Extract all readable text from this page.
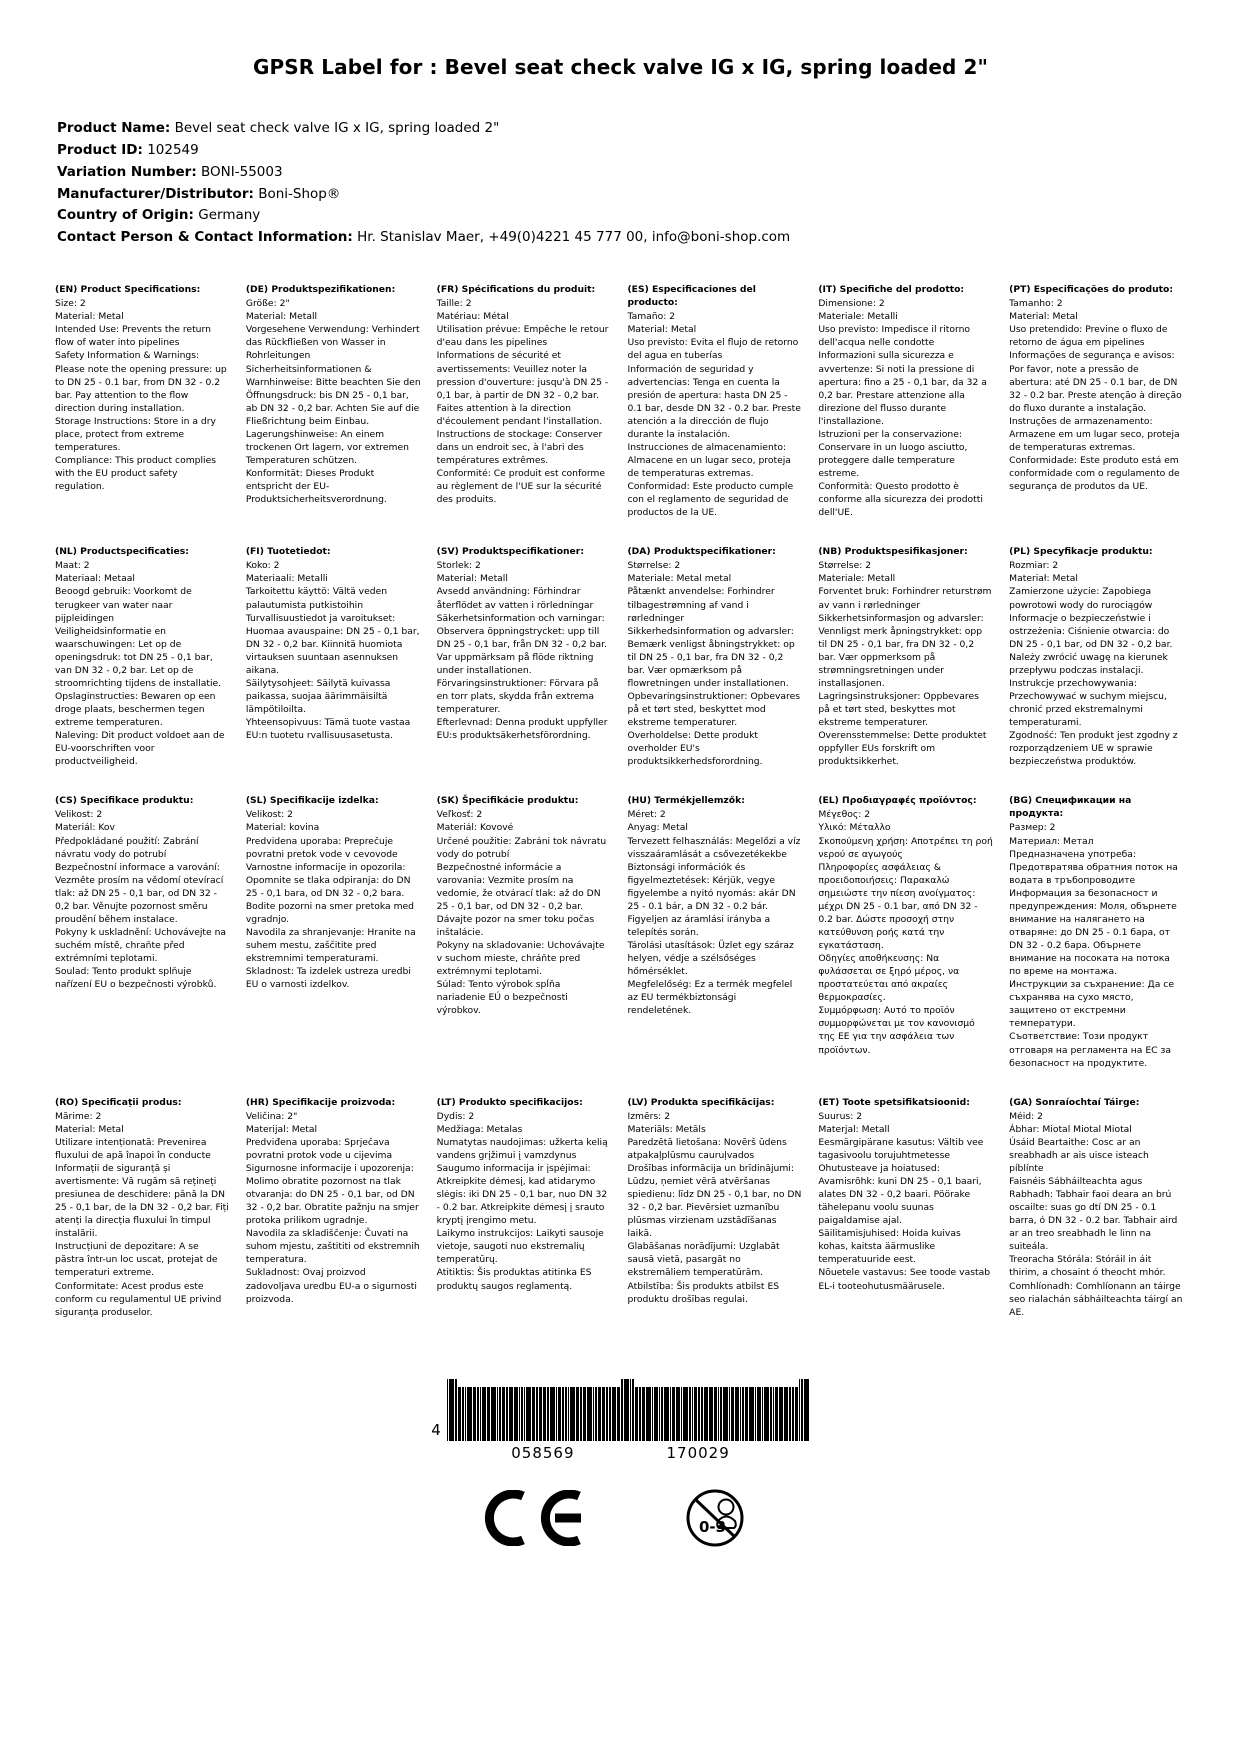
GPSR Label for : Bevel seat check valve IG x IG, spring loaded 2"
Product Name: Bevel seat check valve IG x IG, spring loaded 2"
Product ID: 102549
Variation Number: BONI-55003
Manufacturer/Distributor: Boni-Shop®
Country of Origin: Germany
Contact Person & Contact Information: Hr. Stanislav Maer, +49(0)4221 45 777 00, info@boni-shop.com
(EN) Product Specifications:
Size: 2
Material: Metal
Intended Use: Prevents the return flow of water into pipelines
Safety Information & Warnings: Please note the opening pressure: up to DN 25 - 0.1 bar, from DN 32 - 0.2 bar. Pay attention to the flow direction during installation.
Storage Instructions: Store in a dry place, protect from extreme temperatures.
Compliance: This product complies with the EU product safety regulation.
(DE) Produktspezifikationen:
Größe: 2"
Material: Metall
Vorgesehene Verwendung: Verhindert das Rückfließen von Wasser in Rohrleitungen
Sicherheitsinformationen & Warnhinweise: Bitte beachten Sie den Öffnungsdruck: bis DN 25 - 0,1 bar, ab DN 32 - 0,2 bar. Achten Sie auf die Fließrichtung beim Einbau.
Lagerungshinweise: An einem trockenen Ort lagern, vor extremen Temperaturen schützen.
Konformität: Dieses Produkt entspricht der EU-Produktsicherheitsverordnung.
(FR) Spécifications du produit:
Taille: 2
Matériau: Métal
Utilisation prévue: Empêche le retour d'eau dans les pipelines
Informations de sécurité et avertissements: Veuillez noter la pression d'ouverture: jusqu'à DN 25 - 0,1 bar, à partir de DN 32 - 0,2 bar. Faites attention à la direction d'écoulement pendant l'installation.
Instructions de stockage: Conserver dans un endroit sec, à l'abri des températures extrêmes.
Conformité: Ce produit est conforme au règlement de l'UE sur la sécurité des produits.
(ES) Especificaciones del producto:
Tamaño: 2
Material: Metal
Uso previsto: Evita el flujo de retorno del agua en tuberías
Información de seguridad y advertencias: Tenga en cuenta la presión de apertura: hasta DN 25 - 0.1 bar, desde DN 32 - 0.2 bar. Preste atención a la dirección de flujo durante la instalación.
Instrucciones de almacenamiento: Almacene en un lugar seco, proteja de temperaturas extremas.
Conformidad: Este producto cumple con el reglamento de seguridad de productos de la UE.
(IT) Specifiche del prodotto:
Dimensione: 2
Materiale: Metalli
Uso previsto: Impedisce il ritorno dell'acqua nelle condotte
Informazioni sulla sicurezza e avvertenze: Si noti la pressione di apertura: fino a 25 - 0,1 bar, da 32 a 0,2 bar. Prestare attenzione alla direzione del flusso durante l'installazione.
Istruzioni per la conservazione: Conservare in un luogo asciutto, proteggere dalle temperature estreme.
Conformità: Questo prodotto è conforme alla sicurezza dei prodotti dell'UE.
(PT) Especificações do produto:
Tamanho: 2
Material: Metal
Uso pretendido: Previne o fluxo de retorno de água em pipelines
Informações de segurança e avisos: Por favor, note a pressão de abertura: até DN 25 - 0.1 bar, de DN 32 - 0.2 bar. Preste atenção à direção do fluxo durante a instalação.
Instruções de armazenamento: Armazene em um lugar seco, proteja de temperaturas extremas.
Conformidade: Este produto está em conformidade com o regulamento de segurança de produtos da UE.
(NL) Productspecificaties:
Maat: 2
Materiaal: Metaal
Beoogd gebruik: Voorkomt de terugkeer van water naar pijpleidingen
Veiligheidsinformatie en waarschuwingen: Let op de openingsdruk: tot DN 25 - 0,1 bar, van DN 32 - 0,2 bar. Let op de stroomrichting tijdens de installatie.
Opslaginstructies: Bewaren op een droge plaats, beschermen tegen extreme temperaturen.
Naleving: Dit product voldoet aan de EU-voorschriften voor productveiligheid.
(FI) Tuotetiedot:
Koko: 2
Materiaali: Metalli
Tarkoitettu käyttö: Vältä veden palautumista putkistoihin
Turvallisuustiedot ja varoitukset: Huomaa avauspaine: DN 25 - 0,1 bar, DN 32 - 0,2 bar. Kiinnitä huomiota virtauksen suuntaan asennuksen aikana.
Säilytysohjeet: Säilytä kuivassa paikassa, suojaa äärimmäisiltä lämpötiloilta.
Yhteensopivuus: Tämä tuote vastaa EU:n tuotetu rvallisuusasetusta.
(SV) Produktspecifikationer:
Storlek: 2
Material: Metall
Avsedd användning: Förhindrar återflödet av vatten i rörledningar
Säkerhetsinformation och varningar: Observera öppningstrycket: upp till DN 25 - 0,1 bar, från DN 32 - 0,2 bar. Var uppmärksam på flöde riktning under installationen.
Förvaringsinstruktioner: Förvara på en torr plats, skydda från extrema temperaturer.
Efterlevnad: Denna produkt uppfyller EU:s produktsäkerhetsförordning.
(DA) Produktspecifikationer:
Størrelse: 2
Materiale: Metal metal
Påtænkt anvendelse: Forhindrer tilbagestrømning af vand i rørledninger
Sikkerhedsinformation og advarsler: Bemærk venligst åbningstrykket: op til DN 25 - 0,1 bar, fra DN 32 - 0,2 bar. Vær opmærksom på flowretningen under installationen.
Opbevaringsinstruktioner: Opbevares på et tørt sted, beskyttet mod ekstreme temperaturer.
Overholdelse: Dette produkt overholder EU's produktsikkerhedsforordning.
(NB) Produktspesifikasjoner:
Størrelse: 2
Materiale: Metall
Forventet bruk: Forhindrer returstrøm av vann i rørledninger
Sikkerhetsinformasjon og advarsler: Vennligst merk åpningstrykket: opp til DN 25 - 0,1 bar, fra DN 32 - 0,2 bar. Vær oppmerksom på strømningsretningen under installasjonen.
Lagringsinstruksjoner: Oppbevares på et tørt sted, beskyttes mot ekstreme temperaturer.
Overensstemmelse: Dette produktet oppfyller EUs forskrift om produktsikkerhet.
(PL) Specyfikacje produktu:
Rozmiar: 2
Materiał: Metal
Zamierzone użycie: Zapobiega powrotowi wody do rurociągów
Informacje o bezpieczeństwie i ostrzeżenia: Ciśnienie otwarcia: do DN 25 - 0,1 bar, od DN 32 - 0,2 bar. Należy zwrócić uwagę na kierunek przepływu podczas instalacji.
Instrukcje przechowywania: Przechowywać w suchym miejscu, chronić przed ekstremalnymi temperaturami.
Zgodność: Ten produkt jest zgodny z rozporządzeniem UE w sprawie bezpieczeństwa produktów.
(CS) Specifikace produktu:
Velikost: 2
Materiál: Kov
Předpokládané použití: Zabrání návratu vody do potrubí
Bezpečnostní informace a varování: Vezměte prosím na vědomí otevírací tlak: až DN 25 - 0,1 bar, od DN 32 - 0,2 bar. Věnujte pozornost směru proudění během instalace.
Pokyny k uskladnění: Uchovávejte na suchém místě, chraňte před extrémními teplotami.
Soulad: Tento produkt splňuje nařízení EU o bezpečnosti výrobků.
(SL) Specifikacije izdelka:
Velikost: 2
Material: kovina
Predvidena uporaba: Preprečuje povratni pretok vode v cevovode
Varnostne informacije in opozorila: Opomnite se tlaka odpiranja: do DN 25 - 0,1 bara, od DN 32 - 0,2 bara. Bodite pozorni na smer pretoka med vgradnjo.
Navodila za shranjevanje: Hranite na suhem mestu, zaščitite pred ekstremnimi temperaturami.
Skladnost: Ta izdelek ustreza uredbi EU o varnosti izdelkov.
(SK) Špecifikácie produktu:
Veľkosť: 2
Materiál: Kovové
Určené použitie: Zabráni tok návratu vody do potrubí
Bezpečnostné informácie a varovania: Vezmite prosím na vedomie, že otvárací tlak: až do DN 25 - 0,1 bar, od DN 32 - 0,2 bar. Dávajte pozor na smer toku počas inštalácie.
Pokyny na skladovanie: Uchovávajte v suchom mieste, chráňte pred extrémnymi teplotami.
Súlad: Tento výrobok spĺňa nariadenie EÚ o bezpečnosti výrobkov.
(HU) Termékjellemzők:
Méret: 2
Anyag: Metal
Tervezett felhasználás: Megelőzi a víz visszaáramlását a csővezetékekbe
Biztonsági információk és figyelmeztetések: Kérjük, vegye figyelembe a nyitó nyomás: akár DN 25 - 0.1 bár, a DN 32 - 0.2 bár. Figyeljen az áramlási irányba a telepítés során.
Tárolási utasítások: Üzlet egy száraz helyen, védje a szélsőséges hőmérséklet.
Megfelelőség: Ez a termék megfelel az EU termékbiztonsági rendeletének.
(EL) Προδιαγραφές προϊόντος:
Μέγεθος: 2
Υλικό: Μέταλλο
Σκοπούμενη χρήση: Αποτρέπει τη ροή νερού σε αγωγούς
Πληροφορίες ασφάλειας & προειδοποιήσεις: Παρακαλώ σημειώστε την πίεση ανοίγματος: μέχρι DN 25 - 0.1 bar, από DN 32 - 0.2 bar. Δώστε προσοχή στην κατεύθυνση ροής κατά την εγκατάσταση.
Οδηγίες αποθήκευσης: Να φυλάσσεται σε ξηρό μέρος, να προστατεύεται από ακραίες θερμοκρασίες.
Συμμόρφωση: Αυτό το προϊόν συμμορφώνεται με τον κανονισμό της ΕΕ για την ασφάλεια των προϊόντων.
(BG) Спецификации на продукта:
Размер: 2
Материал: Метал
Предназначена употреба: Предотвратява обратния поток на водата в тръбопроводите
Информация за безопасност и предупреждения: Моля, обърнете внимание на налягането на отваряне: до DN 25 - 0.1 бара, от DN 32 - 0.2 бара. Обърнете внимание на посоката на потока по време на монтажа.
Инструкции за съхранение: Да се съхранява на сухо място, защитено от екстремни температури.
Съответствие: Този продукт отговаря на регламента на ЕС за безопасност на продуктите.
(RO) Specificații produs:
Mărime: 2
Material: Metal
Utilizare intenționată: Prevenirea fluxului de apă înapoi în conducte
Informații de siguranță și avertismente: Vă rugăm să rețineți presiunea de deschidere: până la DN 25 - 0,1 bar, de la DN 32 - 0,2 bar. Fiți atenți la direcția fluxului în timpul instalării.
Instrucțiuni de depozitare: A se păstra într-un loc uscat, protejat de temperaturi extreme.
Conformitate: Acest produs este conform cu regulamentul UE privind siguranța produselor.
(HR) Specifikacije proizvoda:
Veličina: 2"
Materijal: Metal
Predviđena uporaba: Sprječava povratni protok vode u cijevima
Sigurnosne informacije i upozorenja: Molimo obratite pozornost na tlak otvaranja: do DN 25 - 0,1 bar, od DN 32 - 0,2 bar. Obratite pažnju na smjer protoka prilikom ugradnje.
Navodila za skladiščenje: Čuvati na suhom mjestu, zaštititi od ekstremnih temperatura.
Sukladnost: Ovaj proizvod zadovoljava uredbu EU-a o sigurnosti proizvoda.
(LT) Produkto specifikacijos:
Dydis: 2
Medžiaga: Metalas
Numatytas naudojimas: užkerta kelią vandens grįžimui į vamzdynus
Saugumo informacija ir įspėjimai: Atkreipkite dėmesį, kad atidarymo slėgis: iki DN 25 - 0,1 bar, nuo DN 32 - 0.2 bar. Atkreipkite dėmesį į srauto kryptį įrengimo metu.
Laikymo instrukcijos: Laikyti sausoje vietoje, saugoti nuo ekstremalių temperatūrų.
Atitiktis: Šis produktas atitinka ES produktų saugos reglamentą.
(LV) Produkta specifikācijas:
Izmērs: 2
Materiāls: Metāls
Paredzētā lietošana: Novērš ūdens atpakaļplūsmu cauruļvados
Drošības informācija un brīdinājumi: Lūdzu, ņemiet vērā atvēršanas spiedienu: līdz DN 25 - 0,1 bar, no DN 32 - 0,2 bar. Pievērsiet uzmanību plūsmas virzienam uzstādīšanas laikā.
Glabāšanas norādījumi: Uzglabāt sausā vietā, pasargāt no ekstremāliem temperatūrām.
Atbilstība: Šis produkts atbilst ES produktu drošības regulai.
(ET) Toote spetsifikatsioonid:
Suurus: 2
Materjal: Metall
Eesmärgipärane kasutus: Vältib vee tagasivoolu torujuhtmetesse
Ohutusteave ja hoiatused: Avamisrõhk: kuni DN 25 - 0,1 baari, alates DN 32 - 0,2 baari. Pöörake tähelepanu voolu suunas paigaldamise ajal.
Säilitamisjuhised: Hoida kuivas kohas, kaitsta äärmuslike temperatuuride eest.
Nõuetele vastavus: See toode vastab EL-i tooteohutusmäärusele.
(GA) Sonraíochtaí Táirge:
Méid: 2
Ábhar: Miotal Miotal Miotal
Úsáid Beartaithe: Cosc ar an sreabhadh ar ais uisce isteach píblínte
Faisnéis Sábháilteachta agus Rabhadh: Tabhair faoi deara an brú oscailte: suas go dtí DN 25 - 0.1 barra, ó DN 32 - 0.2 bar. Tabhair aird ar an treo sreabhadh le linn na suiteála.
Treoracha Stórála: Stóráil in áit thirim, a chosaint ó theocht mhór.
Comhlíonadh: Comhlíonann an táirge seo rialachán sábháilteachta táirgí an AE.
4
058569	170029
0-3
